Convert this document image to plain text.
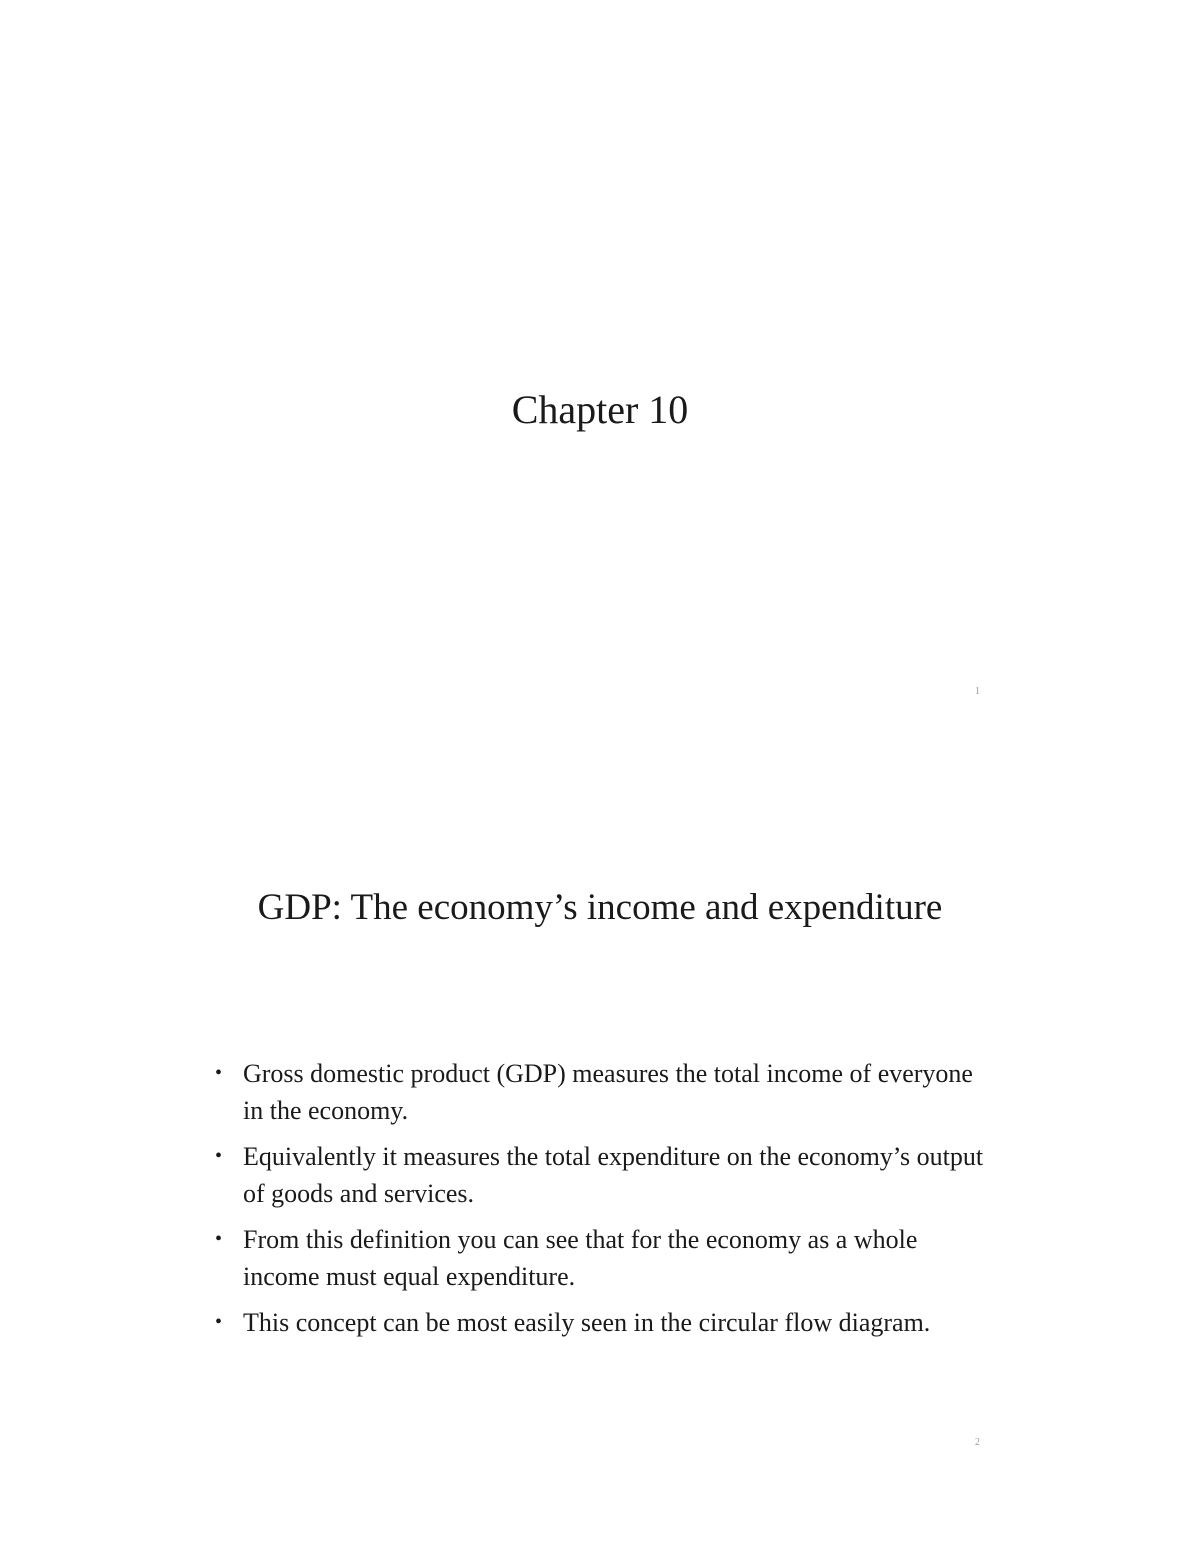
Chapter 10
1
GDP: The economy’s income and expenditure
• Gross domestic product (GDP) measures the total income of everyone in the economy.
• Equivalently it measures the total expenditure on the economy’s output of goods and services.
• From this definition you can see that for the economy as a whole income must equal expenditure.
• This concept can be most easily seen in the circular flow diagram.
2
